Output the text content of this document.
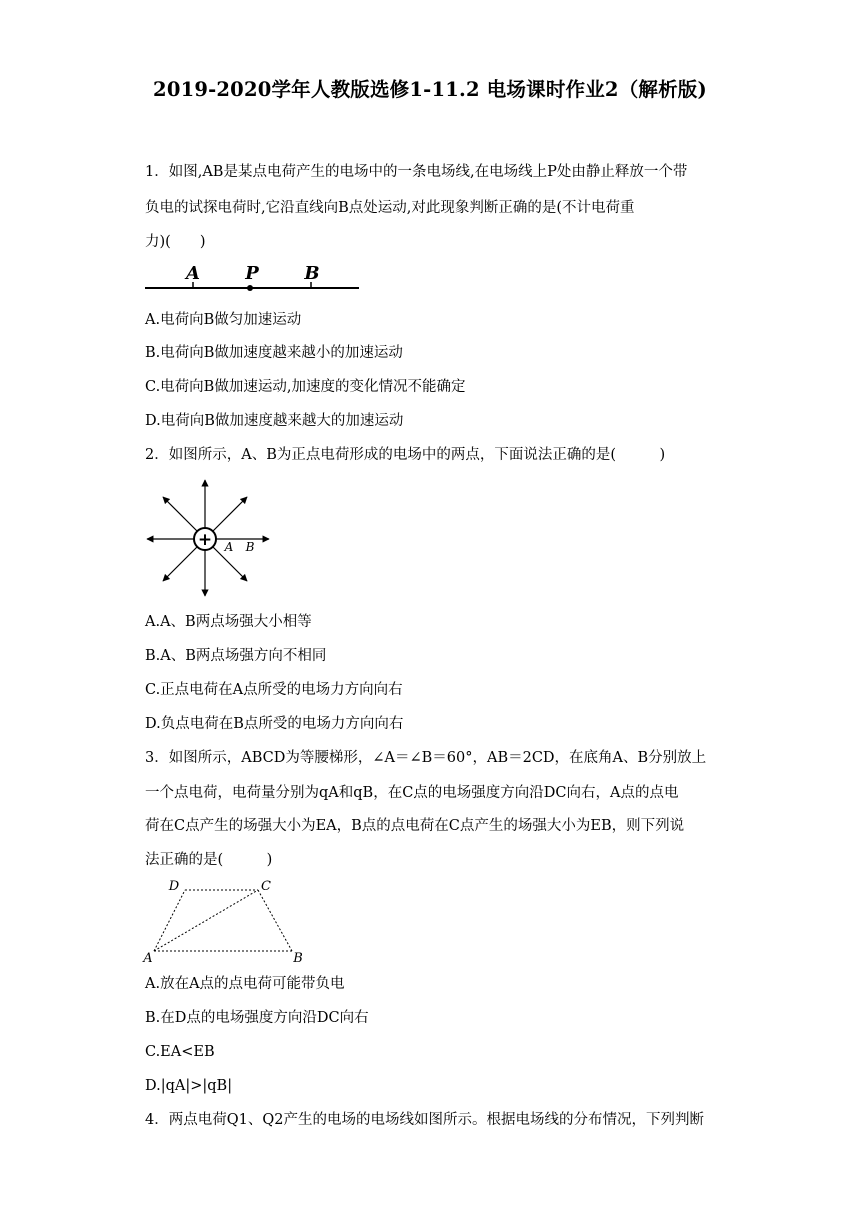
2019-2020学年人教版选修1-11.2 电场课时作业2（解析版)
1．如图,AB是某点电荷产生的电场中的一条电场线,在电场线上P处由静止释放一个带
负电的试探电荷时,它沿直线向B点处运动,对此现象判断正确的是(不计电荷重
力)(　　)
A	P	B
A.电荷向B做匀加速运动
B.电荷向B做加速度越来越小的加速运动
C.电荷向B做加速运动,加速度的变化情况不能确定
D.电荷向B做加速度越来越大的加速运动
2．如图所示，A、B为正点电荷形成的电场中的两点，下面说法正确的是(　　　)
+ A B
A.A、B两点场强大小相等
B.A、B两点场强方向不相同
C.正点电荷在A点所受的电场力方向向右
D.负点电荷在B点所受的电场力方向向右
3．如图所示，ABCD为等腰梯形，∠A＝∠B＝60°，AB＝2CD，在底角A、B分别放上
一个点电荷，电荷量分别为qA和qB，在C点的电场强度方向沿DC向右，A点的点电
荷在C点产生的场强大小为EA，B点的点电荷在C点产生的场强大小为EB，则下列说
法正确的是(　　　)
D	C
A	B
A.放在A点的点电荷可能带负电
B.在D点的电场强度方向沿DC向右
C.EA<EB
D.|qA|>|qB|
4．两点电荷Q1、Q2产生的电场的电场线如图所示。根据电场线的分布情况，下列判断
